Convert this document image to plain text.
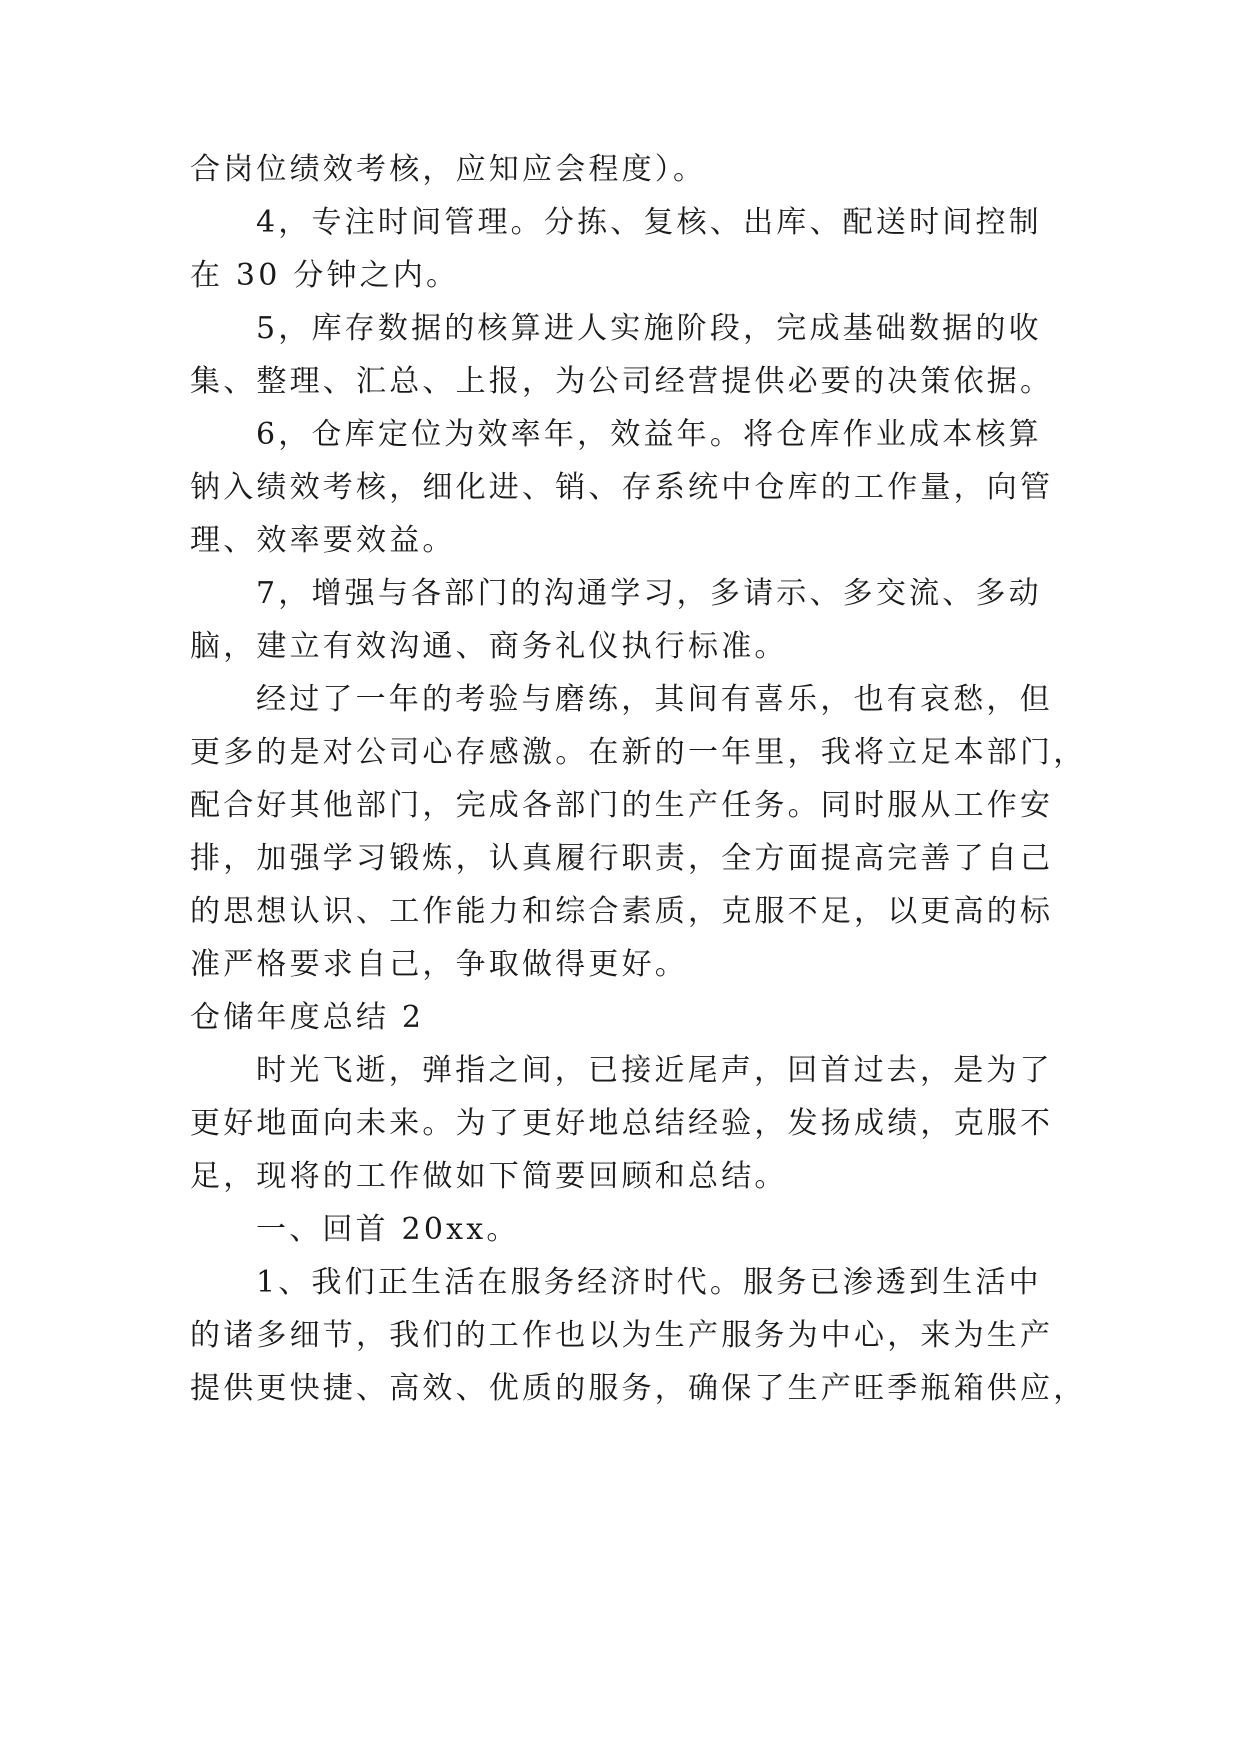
合岗位绩效考核，应知应会程度）。
4，专注时间管理。分拣、复核、出库、配送时间控制
在 30 分钟之内。
5，库存数据的核算进人实施阶段，完成基础数据的收
集、整理、汇总、上报，为公司经营提供必要的决策依据。
6，仓库定位为效率年，效益年。将仓库作业成本核算
钠入绩效考核，细化进、销、存系统中仓库的工作量，向管
理、效率要效益。
7，增强与各部门的沟通学习，多请示、多交流、多动
脑，建立有效沟通、商务礼仪执行标准。
经过了一年的考验与磨练，其间有喜乐，也有哀愁，但
更多的是对公司心存感激。在新的一年里，我将立足本部门，
配合好其他部门，完成各部门的生产任务。同时服从工作安
排，加强学习锻炼，认真履行职责，全方面提高完善了自己
的思想认识、工作能力和综合素质，克服不足，以更高的标
准严格要求自己，争取做得更好。
仓储年度总结 2
时光飞逝，弹指之间，已接近尾声，回首过去，是为了
更好地面向未来。为了更好地总结经验，发扬成绩，克服不
足，现将的工作做如下简要回顾和总结。
一、回首 20xx。
1、我们正生活在服务经济时代。服务已渗透到生活中
的诸多细节，我们的工作也以为生产服务为中心，来为生产
提供更快捷、高效、优质的服务，确保了生产旺季瓶箱供应，
